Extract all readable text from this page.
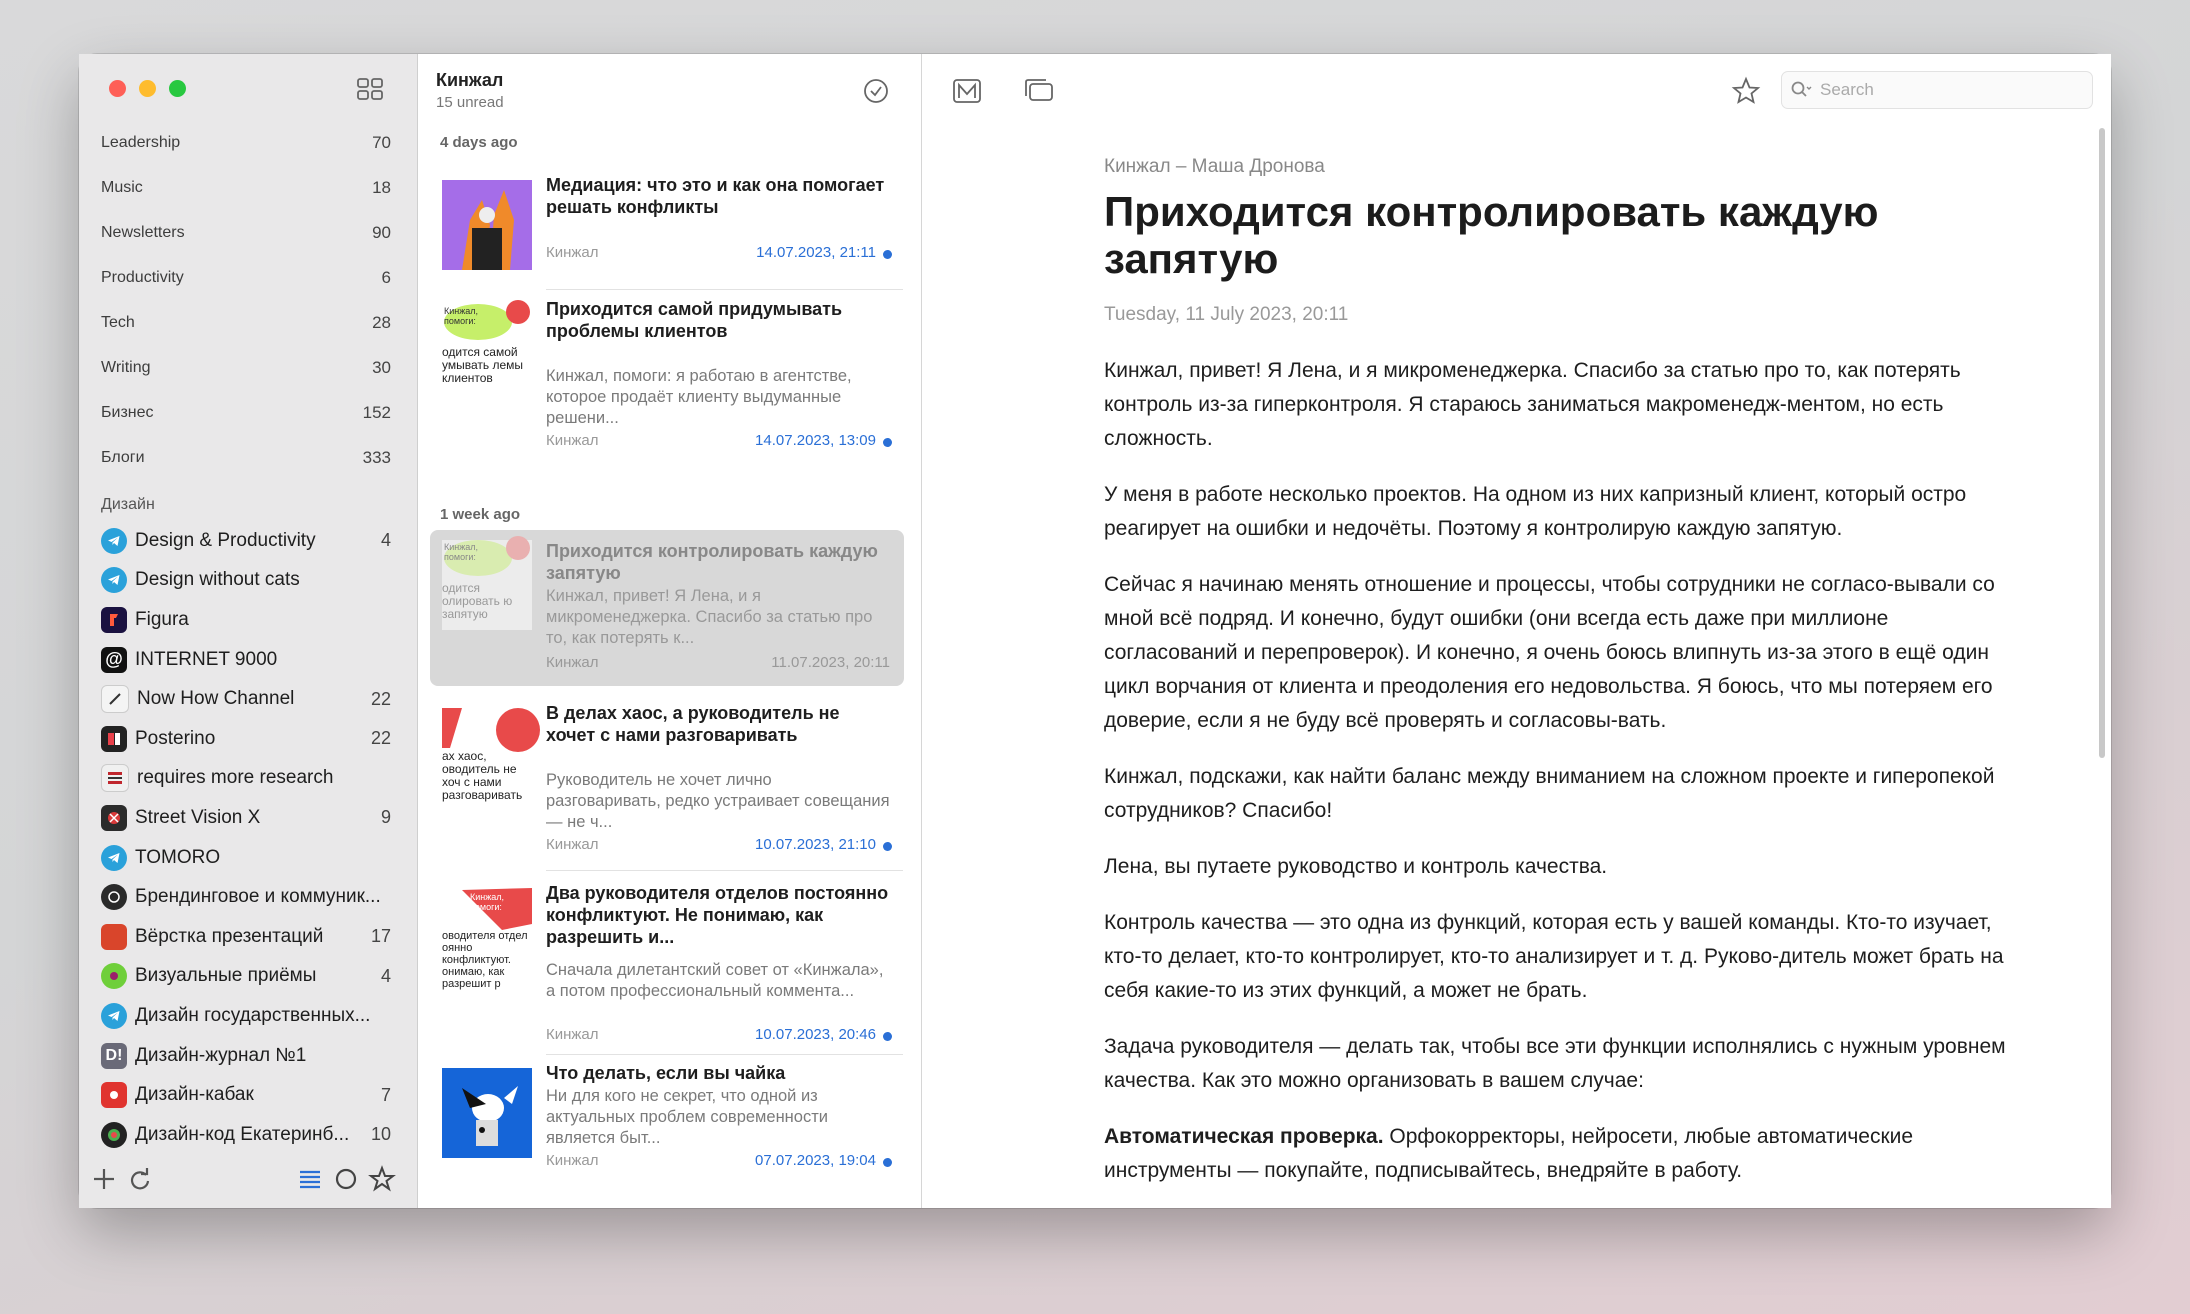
Leadership	70
Music	18
Newsletters	90
Productivity	6
Tech	28
Writing	30
Бизнес	152
Блоги	333
Дизайн
Design & Productivity	4
Design without cats
Figura
@ INTERNET 9000
Now How Channel	22
Posterino	22
requires more research
Street Vision X	9
TOMORO
Брендинговое и коммуник...
Вёрстка презентаций	17
Визуальные приёмы	4
Дизайн государственных...
D! Дизайн-журнал №1
Дизайн-кабак	7
Дизайн-код Екатеринб...	10
Кинжал
15 unread
4 days ago
Медиация: что это и как она помогает решать конфликты
Кинжал	14.07.2023, 21:11
Кинжал, помоги:
одится самой умывать лемы клиентов
Приходится самой придумывать проблемы клиентов
Кинжал, помоги: я работаю в агентстве, которое продаёт клиенту выдуманные решени...
Кинжал	14.07.2023, 13:09
1 week ago
Кинжал, помоги:
одится олировать ю запятую
Приходится контролировать каждую запятую
Кинжал, привет! Я Лена, и я микроменеджерка. Спасибо за статью про то, как потерять к...
Кинжал	11.07.2023, 20:11
ах хаос, оводитель не хоч с нами разговаривать
В делах хаос, а руководитель не хочет с нами разговаривать
Руководитель не хочет лично разговаривать, редко устраивает совещания — не ч...
Кинжал	10.07.2023, 21:10
Кинжал, помоги:
оводителя отдел оянно конфликтуют. онимаю, как разрешит р
Два руководителя отделов постоянно конфликтуют. Не понимаю, как разрешить и...
Сначала дилетантский совет от «Кинжала», а потом профессиональный коммента...
Кинжал	10.07.2023, 20:46
Что делать, если вы чайка
Ни для кого не секрет, что одной из актуальных проблем современности является быт...
Кинжал	07.07.2023, 19:04
Search
Кинжал – Маша Дронова
Приходится контролировать каждую запятую
Tuesday, 11 July 2023, 20:11

Кинжал, привет! Я Лена, и я микроменеджерка. Спасибо за статью про то, как потерять контроль из-за гиперконтроля. Я стараюсь заниматься макроменедж-ментом, но есть сложность.

У меня в работе несколько проектов. На одном из них капризный клиент, который остро реагирует на ошибки и недочёты. Поэтому я контролирую каждую запятую.

Сейчас я начинаю менять отношение и процессы, чтобы сотрудники не согласо-вывали со мной всё подряд. И конечно, будут ошибки (они всегда есть даже при миллионе согласований и перепроверок). И конечно, я очень боюсь влипнуть из-за этого в ещё один цикл ворчания от клиента и преодоления его недовольства. Я боюсь, что мы потеряем его доверие, если я не буду всё проверять и согласовы-вать.

Кинжал, подскажи, как найти баланс между вниманием на сложном проекте и гиперопекой сотрудников? Спасибо!

Лена, вы путаете руководство и контроль качества.

Контроль качества — это одна из функций, которая есть у вашей команды. Кто-то изучает, кто-то делает, кто-то контролирует, кто-то анализирует и т. д. Руково-дитель может брать на себя какие-то из этих функций, а может не брать.

Задача руководителя — делать так, чтобы все эти функции исполнялись с нужным уровнем качества. Как это можно организовать в вашем случае:

Автоматическая проверка. Орфокорректоры, нейросети, любые автоматические инструменты — покупайте, подписывайтесь, внедряйте в работу.
